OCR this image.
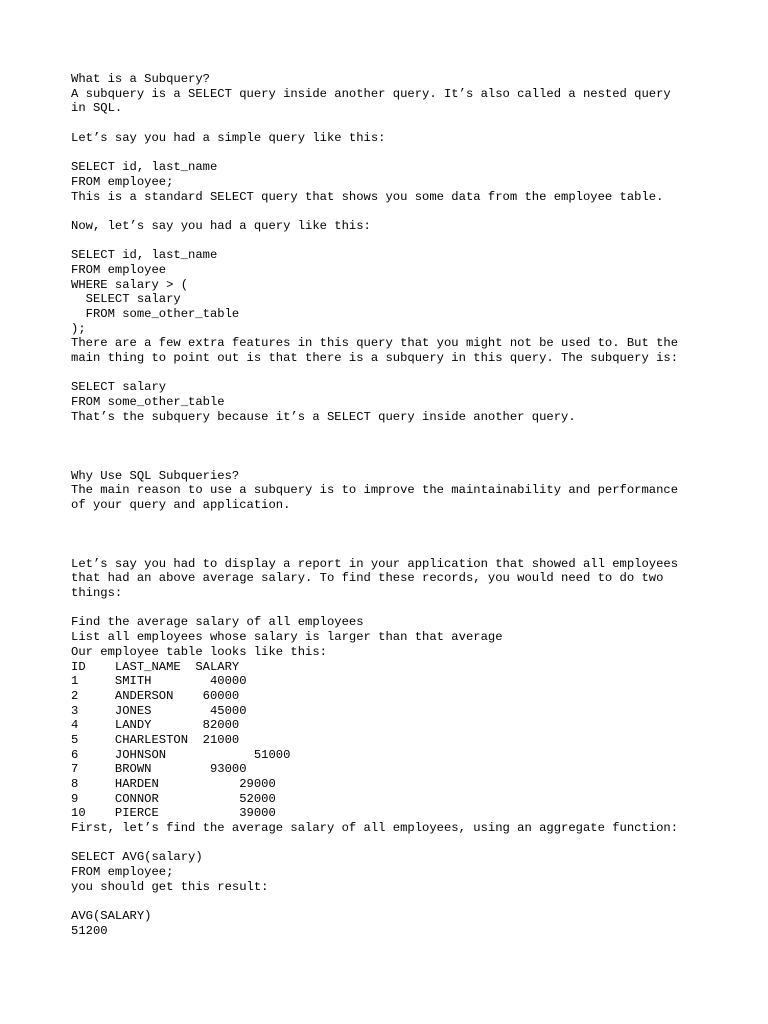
What is a Subquery?
A subquery is a SELECT query inside another query. It’s also called a nested query
in SQL.
Let’s say you had a simple query like this:
SELECT id, last_name
FROM employee;
This is a standard SELECT query that shows you some data from the employee table.
Now, let’s say you had a query like this:
SELECT id, last_name
FROM employee
WHERE salary > (
SELECT salary
FROM some_other_table
);
There are a few extra features in this query that you might not be used to. But the
main thing to point out is that there is a subquery in this query. The subquery is:
SELECT salary
FROM some_other_table
That’s the subquery because it’s a SELECT query inside another query.
Why Use SQL Subqueries?
The main reason to use a subquery is to improve the maintainability and performance
of your query and application.
Let’s say you had to display a report in your application that showed all employees
that had an above average salary. To find these records, you would need to do two
things:
Find the average salary of all employees
List all employees whose salary is larger than that average
Our employee table looks like this:
ID    LAST_NAME  SALARY
1     SMITH        40000
2     ANDERSON    60000
3     JONES        45000
4     LANDY       82000
5     CHARLESTON  21000
6     JOHNSON            51000
7     BROWN        93000
8     HARDEN           29000
9     CONNOR           52000
10    PIERCE           39000
First, let’s find the average salary of all employees, using an aggregate function:
SELECT AVG(salary)
FROM employee;
you should get this result:
AVG(SALARY)
51200
